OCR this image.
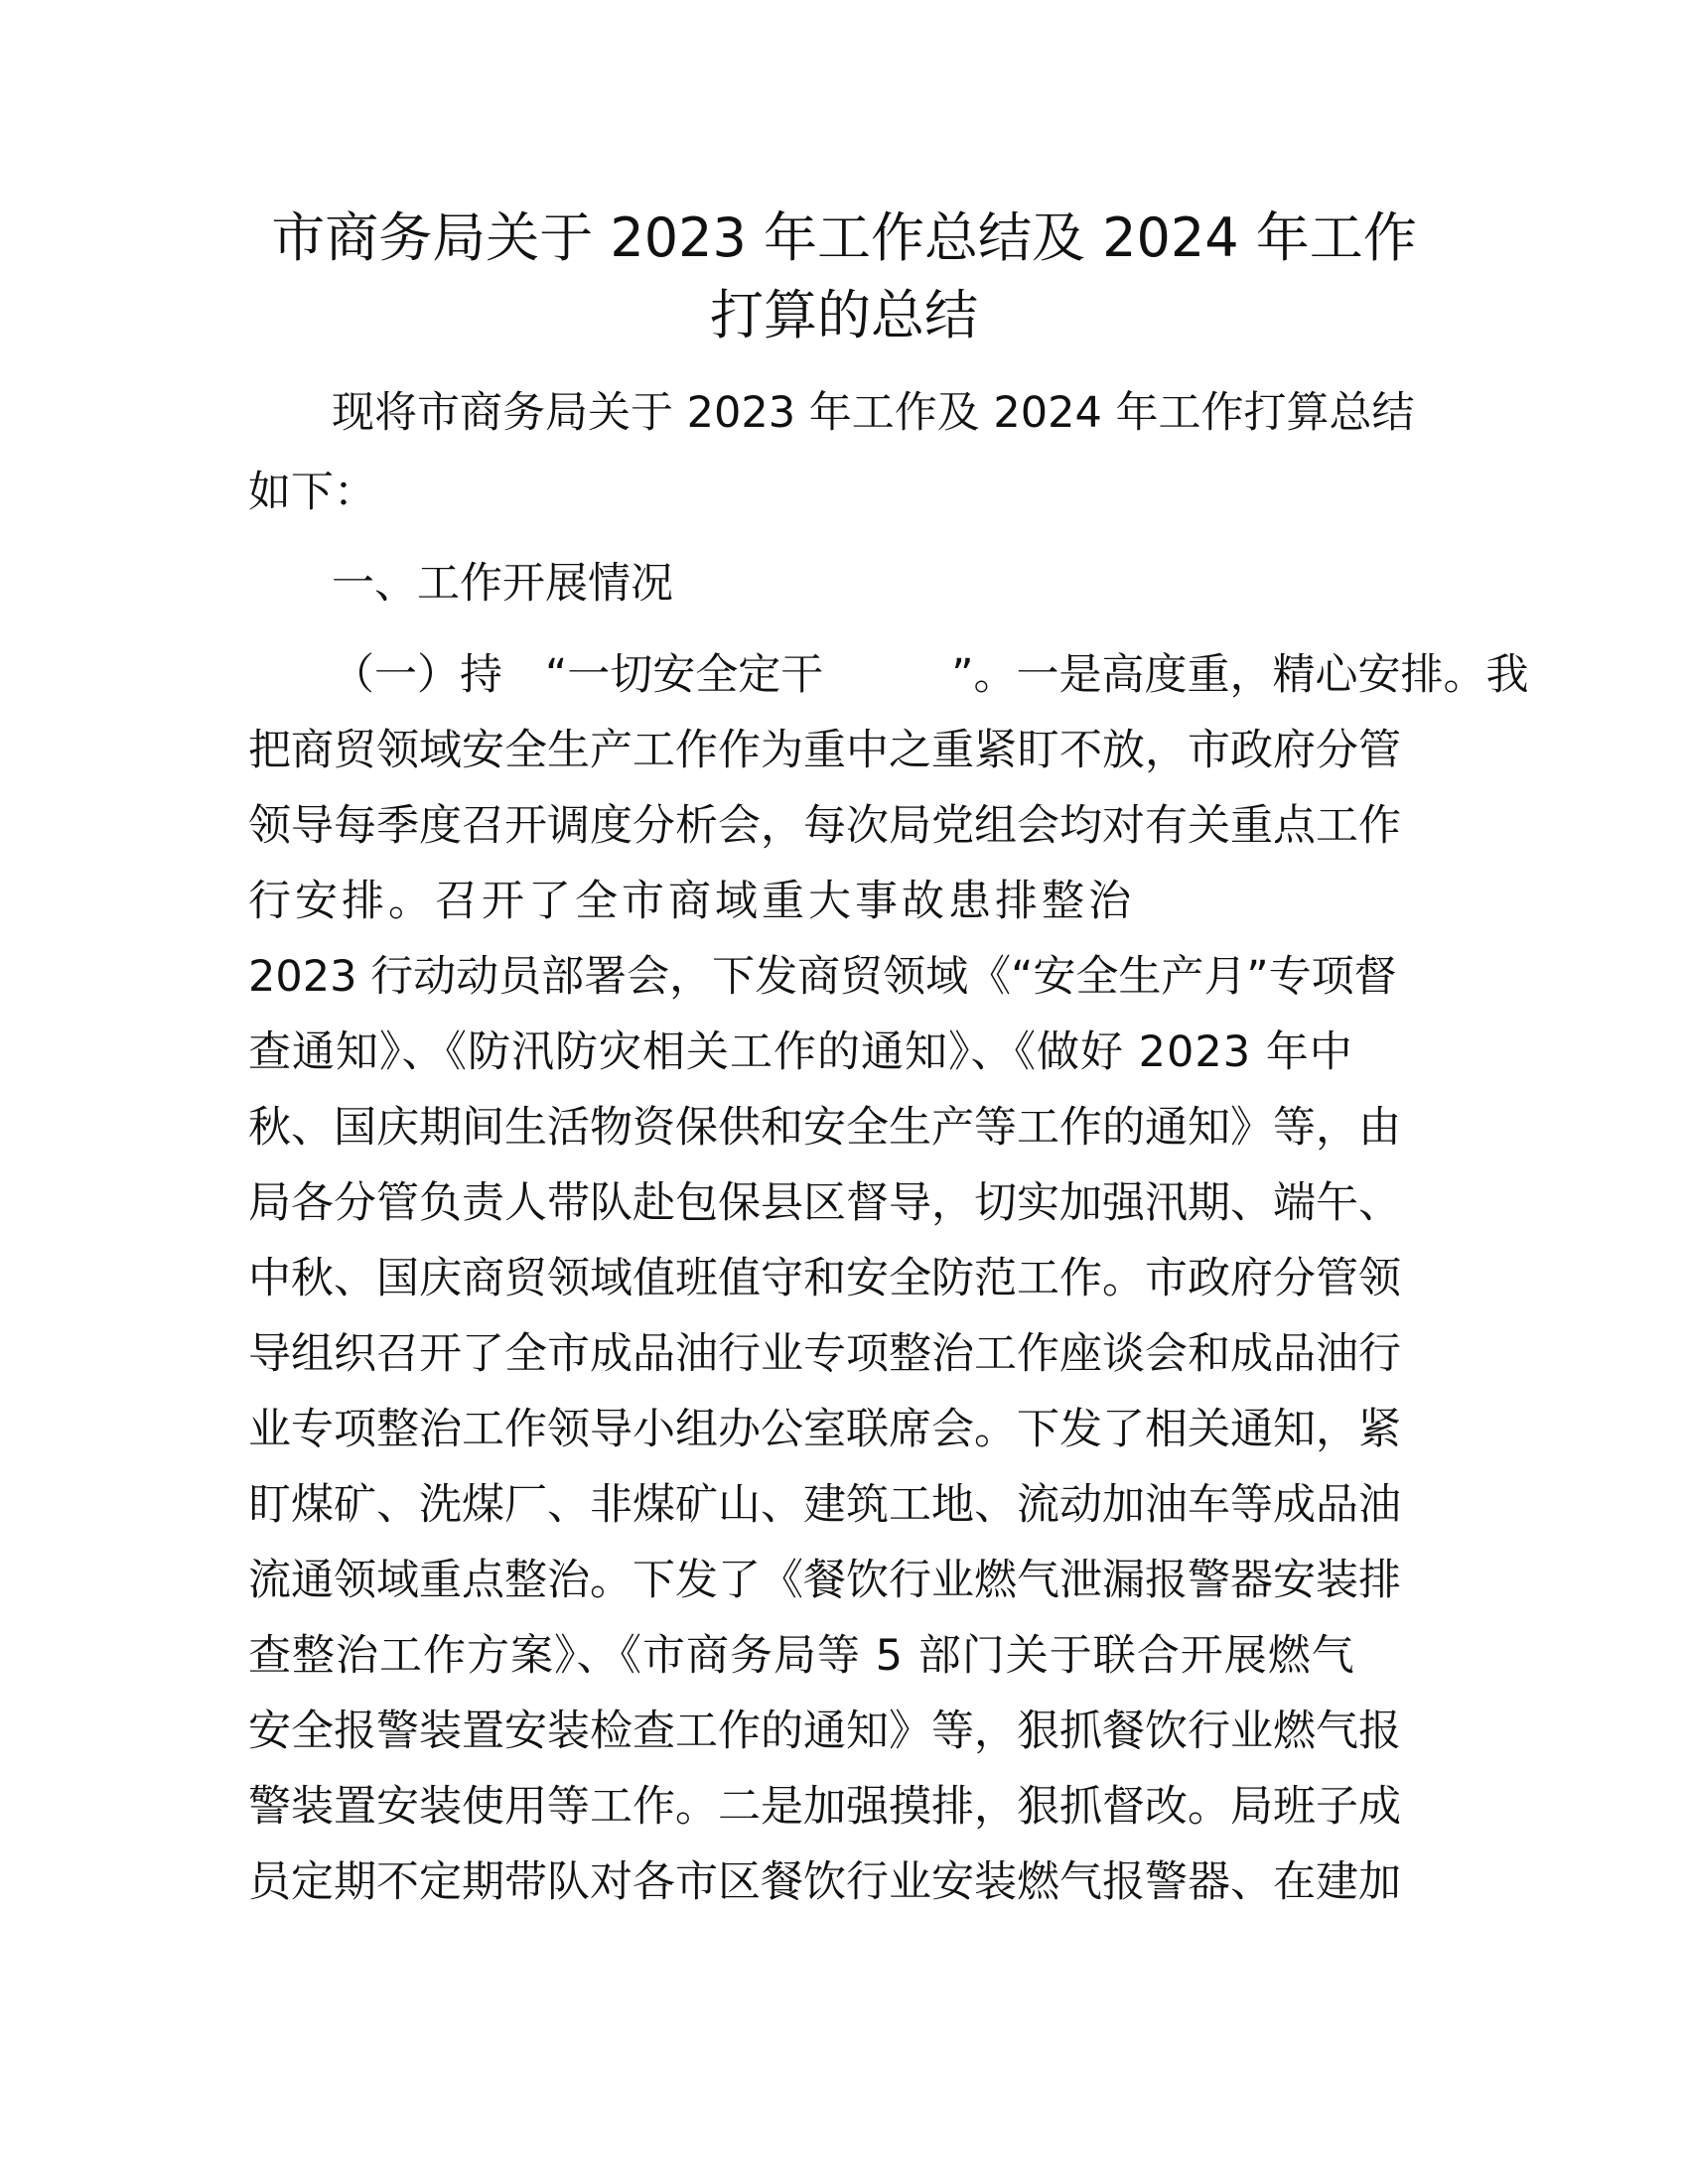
市商务局关于 2023 年工作总结及 2024 年工作
打算的总结
现将市商务局关于 2023 年工作及 2024 年工作打算总结
如下：
一、工作开展情况
（一）持　“一切安全定干　　　”。一是高度重，精心安排。我
把商贸领域安全生产工作作为重中之重紧盯不放，市政府分管
领导每季度召开调度分析会，每次局党组会均对有关重点工作
行安排。召开了全市商域重大事故患排整治
2023 行动动员部署会，下发商贸领域《“安全生产月”专项督
查通知》、《防汛防灾相关工作的通知》、《做好 2023 年中
秋、国庆期间生活物资保供和安全生产等工作的通知》等，由
局各分管负责人带队赴包保县区督导，切实加强汛期、端午、
中秋、国庆商贸领域值班值守和安全防范工作。市政府分管领
导组织召开了全市成品油行业专项整治工作座谈会和成品油行
业专项整治工作领导小组办公室联席会。下发了相关通知，紧
盯煤矿、洗煤厂、非煤矿山、建筑工地、流动加油车等成品油
流通领域重点整治。下发了《餐饮行业燃气泄漏报警器安装排
查整治工作方案》、《市商务局等 5 部门关于联合开展燃气
安全报警装置安装检查工作的通知》等，狠抓餐饮行业燃气报
警装置安装使用等工作。二是加强摸排，狠抓督改。局班子成
员定期不定期带队对各市区餐饮行业安装燃气报警器、在建加
